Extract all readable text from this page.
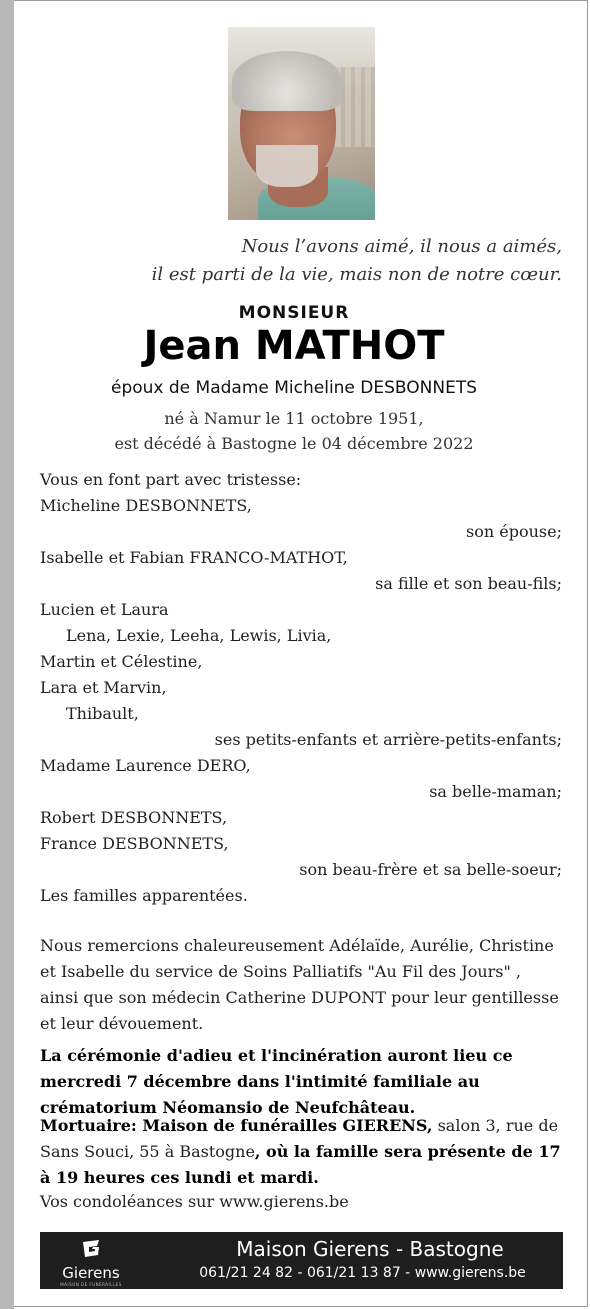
Nous l’avons aimé, il nous a aimés,
il est parti de la vie, mais non de notre cœur.
MONSIEUR
Jean MATHOT
époux de Madame Micheline DESBONNETS
né à Namur le 11 octobre 1951,
est décédé à Bastogne le 04 décembre 2022
Vous en font part avec tristesse:
Micheline DESBONNETS,
son épouse;
Isabelle et Fabian FRANCO-MATHOT,
sa fille et son beau-fils;
Lucien et Laura
Lena, Lexie, Leeha, Lewis, Livia,
Martin et Célestine,
Lara et Marvin,
Thibault,
ses petits-enfants et arrière-petits-enfants;
Madame Laurence DERO,
sa belle-maman;
Robert DESBONNETS,
France DESBONNETS,
son beau-frère et sa belle-soeur;
Les familles apparentées.
Nous remercions chaleureusement Adélaïde, Aurélie, Christine et Isabelle du service de Soins Palliatifs "Au Fil des Jours" , ainsi que son médecin Catherine DUPONT pour leur gentillesse et leur dévouement.
La cérémonie d'adieu et l'incinération auront lieu ce mercredi 7 décembre dans l'intimité familiale au crématorium Néomansio de Neufchâteau.
Mortuaire: Maison de funérailles GIERENS, salon 3, rue de Sans Souci, 55 à Bastogne, où la famille sera présente de 17 à 19 heures ces lundi et mardi.
Vos condoléances sur www.gierens.be
Gierens
MAISON DE FUNÉRAILLES
Maison Gierens - Bastogne
061/21 24 82 - 061/21 13 87 - www.gierens.be
